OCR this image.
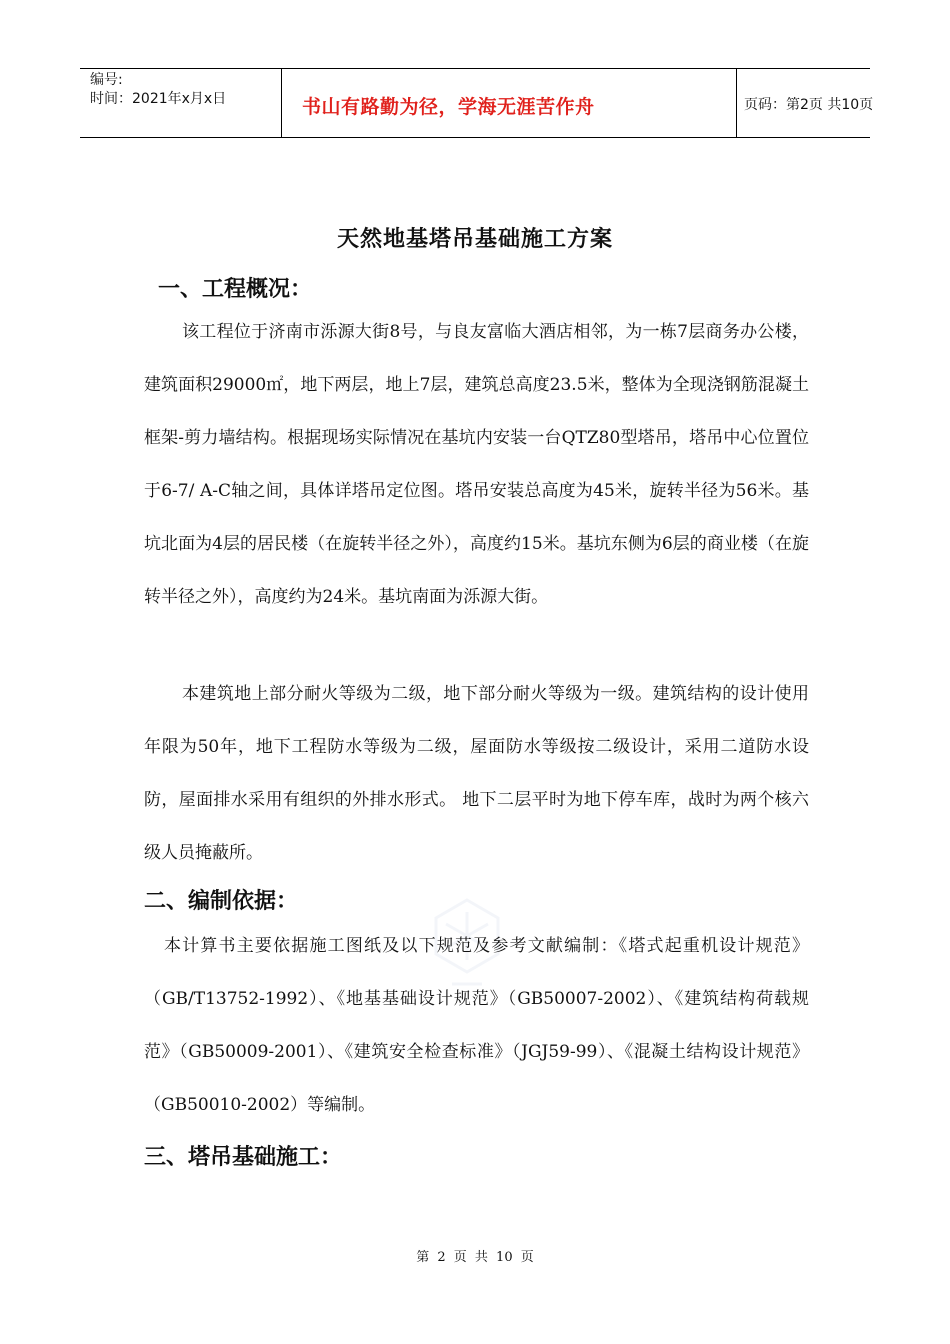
编号:
时间：2021年x月x日	书山有路勤为径，学海无涯苦作舟	页码：第2页 共10页
天然地基塔吊基础施工方案
一、工程概况：

该工程位于济南市泺源大街8号，与良友富临大酒店相邻，为一栋7层商务办公楼，建筑面积29000㎡，地下两层，地上7层，建筑总高度23.5米，整体为全现浇钢筋混凝土框架-剪力墙结构。根据现场实际情况在基坑内安装一台QTZ80型塔吊，塔吊中心位置位于6-7/ A-C轴之间，具体详塔吊定位图。塔吊安装总高度为45米，旋转半径为56米。基坑北面为4层的居民楼（在旋转半径之外），高度约15米。基坑东侧为6层的商业楼（在旋转半径之外），高度约为24米。基坑南面为泺源大街。

本建筑地上部分耐火等级为二级，地下部分耐火等级为一级。建筑结构的设计使用年限为50年，地下工程防水等级为二级，屋面防水等级按二级设计，采用二道防水设防，屋面排水采用有组织的外排水形式。 地下二层平时为地下停车库，战时为两个核六级人员掩蔽所。

二、编制依据：

本计算书主要依据施工图纸及以下规范及参考文献编制：《塔式起重机设计规范》（GB/T13752-1992）、《地基基础设计规范》（GB50007-2002）、《建筑结构荷载规范》（GB50009-2001）、《建筑安全检查标准》（JGJ59-99）、《混凝土结构设计规范》（GB50010-2002）等编制。

三、塔吊基础施工：
第 2 页 共 10 页
